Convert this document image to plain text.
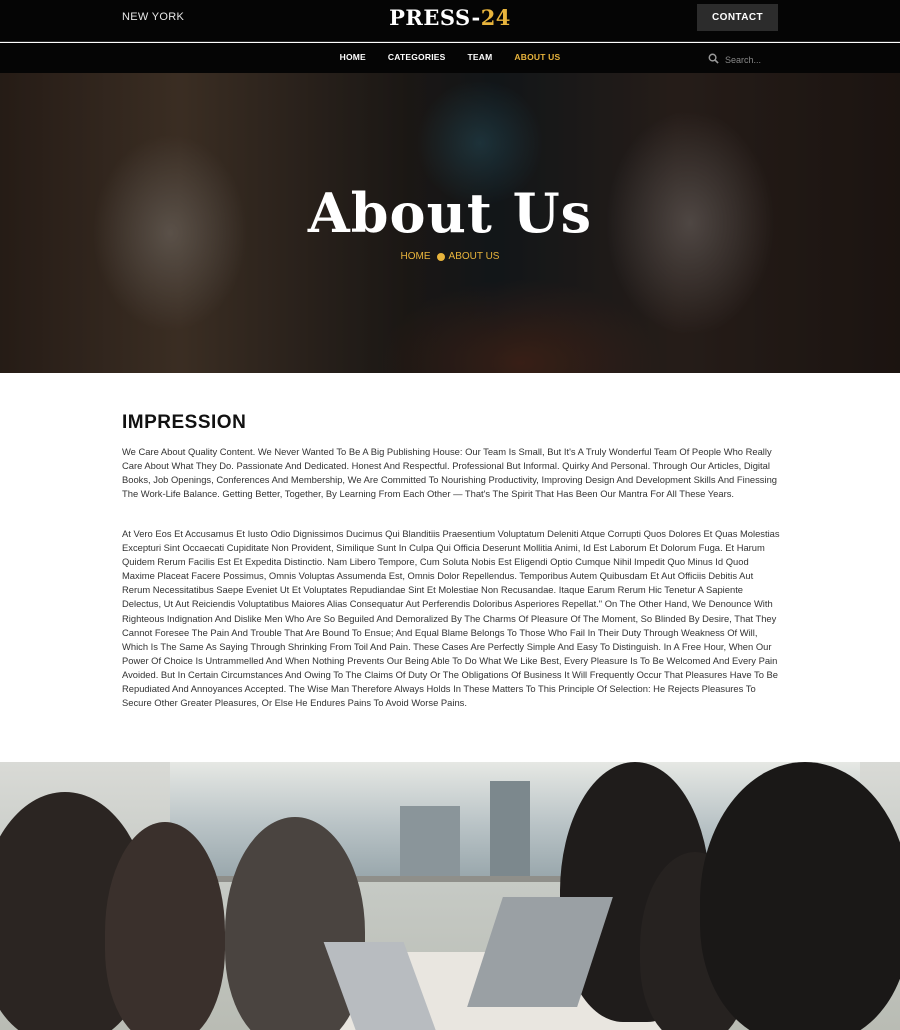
NEW YORK	PRESS-24	CONTACT
HOME	CATEGORIES	TEAM	ABOUT US
Search...
About Us
HOME ABOUT US
IMPRESSION

We Care About Quality Content. We Never Wanted To Be A Big Publishing House: Our Team Is Small, But It's A Truly Wonderful Team Of People Who Really Care About What They Do. Passionate And Dedicated. Honest And Respectful. Professional But Informal. Quirky And Personal. Through Our Articles, Digital Books, Job Openings, Conferences And Membership, We Are Committed To Nourishing Productivity, Improving Design And Development Skills And Finessing The Work-Life Balance. Getting Better, Together, By Learning From Each Other — That's The Spirit That Has Been Our Mantra For All These Years.

At Vero Eos Et Accusamus Et Iusto Odio Dignissimos Ducimus Qui Blanditiis Praesentium Voluptatum Deleniti Atque Corrupti Quos Dolores Et Quas Molestias Excepturi Sint Occaecati Cupiditate Non Provident, Similique Sunt In Culpa Qui Officia Deserunt Mollitia Animi, Id Est Laborum Et Dolorum Fuga. Et Harum Quidem Rerum Facilis Est Et Expedita Distinctio. Nam Libero Tempore, Cum Soluta Nobis Est Eligendi Optio Cumque Nihil Impedit Quo Minus Id Quod Maxime Placeat Facere Possimus, Omnis Voluptas Assumenda Est, Omnis Dolor Repellendus. Temporibus Autem Quibusdam Et Aut Officiis Debitis Aut Rerum Necessitatibus Saepe Eveniet Ut Et Voluptates Repudiandae Sint Et Molestiae Non Recusandae. Itaque Earum Rerum Hic Tenetur A Sapiente Delectus, Ut Aut Reiciendis Voluptatibus Maiores Alias Consequatur Aut Perferendis Doloribus Asperiores Repellat." On The Other Hand, We Denounce With Righteous Indignation And Dislike Men Who Are So Beguiled And Demoralized By The Charms Of Pleasure Of The Moment, So Blinded By Desire, That They Cannot Foresee The Pain And Trouble That Are Bound To Ensue; And Equal Blame Belongs To Those Who Fail In Their Duty Through Weakness Of Will, Which Is The Same As Saying Through Shrinking From Toil And Pain. These Cases Are Perfectly Simple And Easy To Distinguish. In A Free Hour, When Our Power Of Choice Is Untrammelled And When Nothing Prevents Our Being Able To Do What We Like Best, Every Pleasure Is To Be Welcomed And Every Pain Avoided. But In Certain Circumstances And Owing To The Claims Of Duty Or The Obligations Of Business It Will Frequently Occur That Pleasures Have To Be Repudiated And Annoyances Accepted. The Wise Man Therefore Always Holds In These Matters To This Principle Of Selection: He Rejects Pleasures To Secure Other Greater Pleasures, Or Else He Endures Pains To Avoid Worse Pains.
